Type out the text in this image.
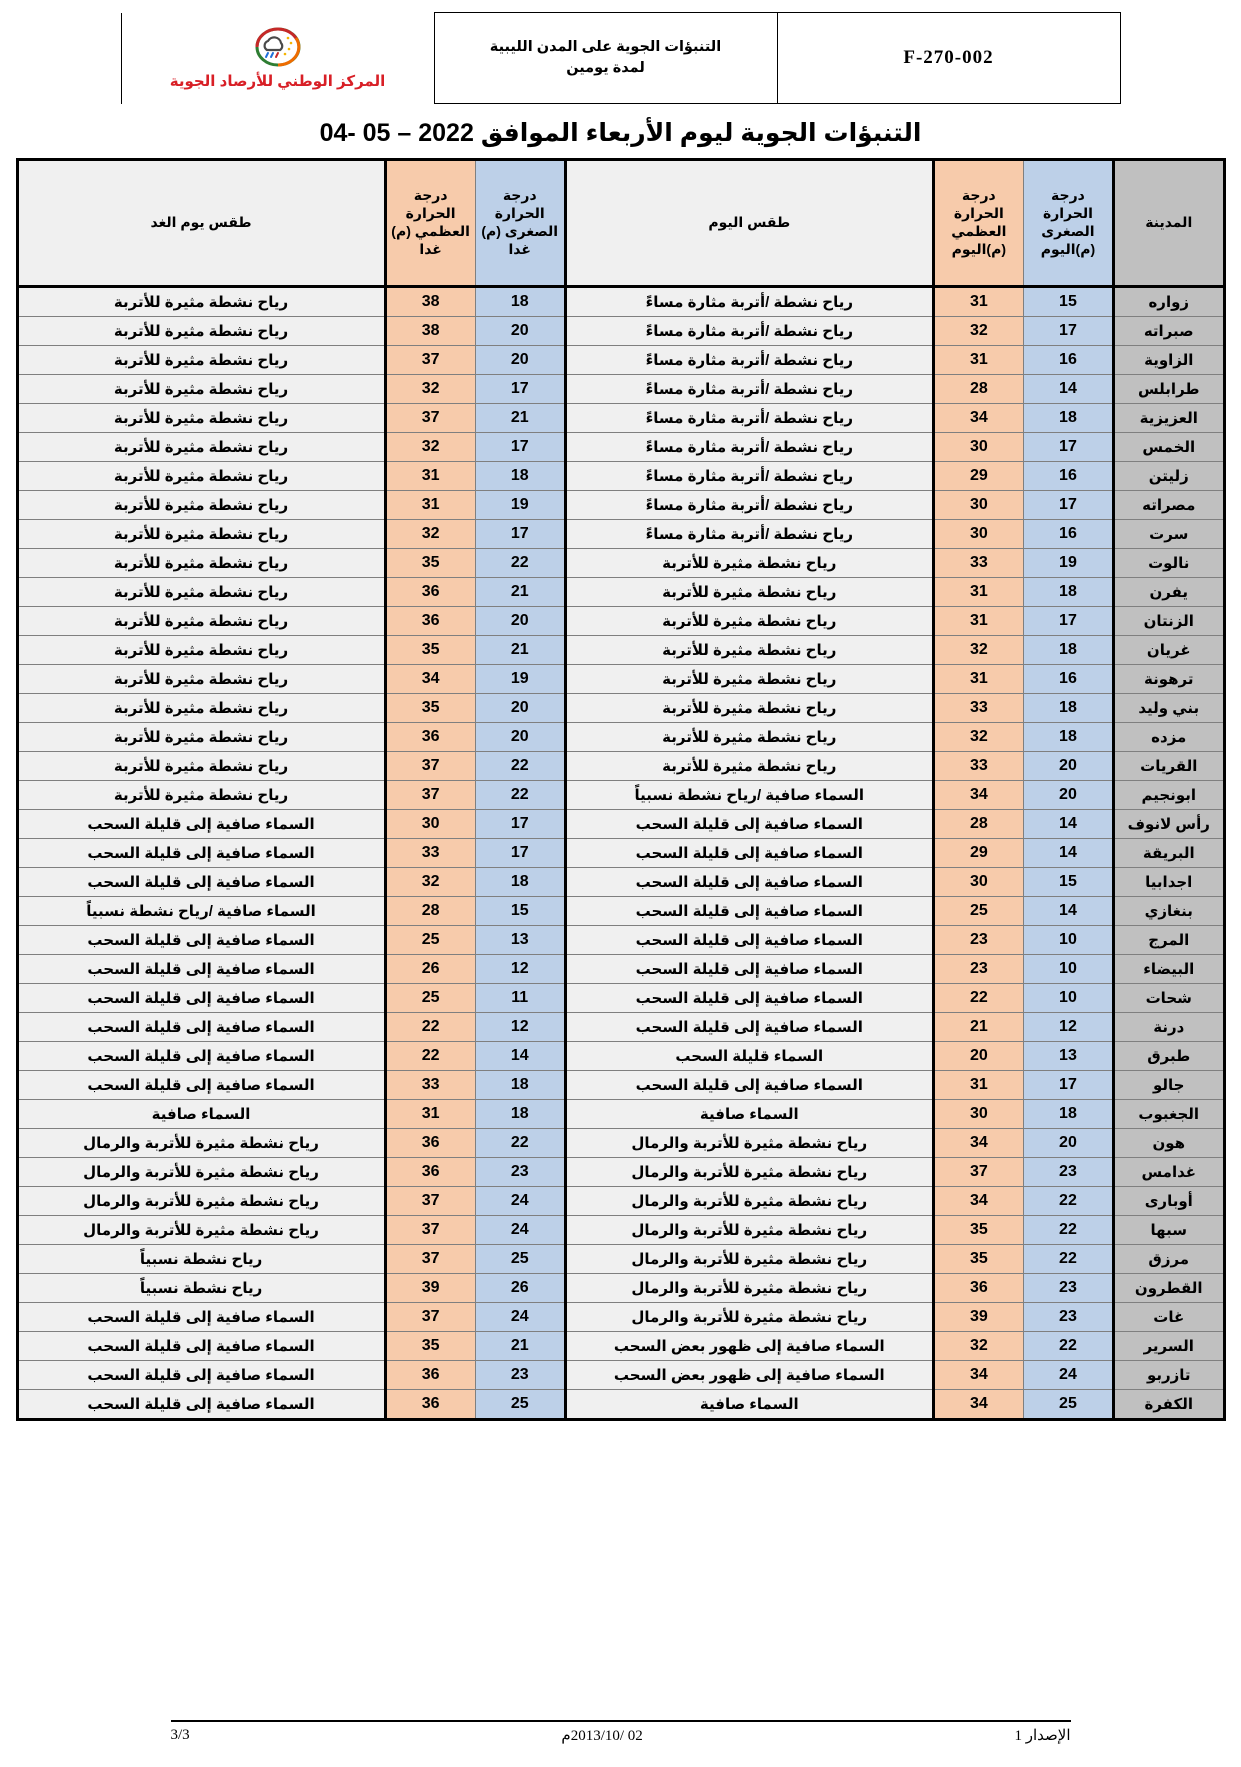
F-270-002

التنبؤات الجوية على المدن الليبية
لمدة يومين

المركز الوطني للأرصاد الجوية
التنبؤات الجوية ليوم الأربعاء الموافق 04- 05 – 2022
المدينة	درجة الحرارة الصغرى (م)اليوم	درجة الحرارة العظمي (م)اليوم	طقس اليوم	درجة الحرارة الصغرى (م) غدا	درجة الحرارة العظمي (م) غدا	طقس يوم الغد
زواره	15	31	رياح نشطة /أتربة مثارة مساءً	18	38	رياح نشطة مثيرة للأتربة
صبراته	17	32	رياح نشطة /أتربة مثارة مساءً	20	38	رياح نشطة مثيرة للأتربة
الزاوية	16	31	رياح نشطة /أتربة مثارة مساءً	20	37	رياح نشطة مثيرة للأتربة
طرابلس	14	28	رياح نشطة /أتربة مثارة مساءً	17	32	رياح نشطة مثيرة للأتربة
العزيزية	18	34	رياح نشطة /أتربة مثارة مساءً	21	37	رياح نشطة مثيرة للأتربة
الخمس	17	30	رياح نشطة /أتربة مثارة مساءً	17	32	رياح نشطة مثيرة للأتربة
زليتن	16	29	رياح نشطة /أتربة مثارة مساءً	18	31	رياح نشطة مثيرة للأتربة
مصراته	17	30	رياح نشطة /أتربة مثارة مساءً	19	31	رياح نشطة مثيرة للأتربة
سرت	16	30	رياح نشطة /أتربة مثارة مساءً	17	32	رياح نشطة مثيرة للأتربة
نالوت	19	33	رياح نشطة مثيرة للأتربة	22	35	رياح نشطة مثيرة للأتربة
يفرن	18	31	رياح نشطة مثيرة للأتربة	21	36	رياح نشطة مثيرة للأتربة
الزنتان	17	31	رياح نشطة مثيرة للأتربة	20	36	رياح نشطة مثيرة للأتربة
غريان	18	32	رياح نشطة مثيرة للأتربة	21	35	رياح نشطة مثيرة للأتربة
ترهونة	16	31	رياح نشطة مثيرة للأتربة	19	34	رياح نشطة مثيرة للأتربة
بني وليد	18	33	رياح نشطة مثيرة للأتربة	20	35	رياح نشطة مثيرة للأتربة
مزده	18	32	رياح نشطة مثيرة للأتربة	20	36	رياح نشطة مثيرة للأتربة
القريات	20	33	رياح نشطة مثيرة للأتربة	22	37	رياح نشطة مثيرة للأتربة
ابونجيم	20	34	السماء صافية /رياح نشطة نسبياً	22	37	رياح نشطة مثيرة للأتربة
رأس لانوف	14	28	السماء صافية إلى قليلة السحب	17	30	السماء صافية إلى قليلة السحب
البريقة	14	29	السماء صافية إلى قليلة السحب	17	33	السماء صافية إلى قليلة السحب
اجدابيا	15	30	السماء صافية إلى قليلة السحب	18	32	السماء صافية إلى قليلة السحب
بنغازي	14	25	السماء صافية إلى قليلة السحب	15	28	السماء صافية /رياح نشطة نسبياً
المرج	10	23	السماء صافية إلى قليلة السحب	13	25	السماء صافية إلى قليلة السحب
البيضاء	10	23	السماء صافية إلى قليلة السحب	12	26	السماء صافية إلى قليلة السحب
شحات	10	22	السماء صافية إلى قليلة السحب	11	25	السماء صافية إلى قليلة السحب
درنة	12	21	السماء صافية إلى قليلة السحب	12	22	السماء صافية إلى قليلة السحب
طبرق	13	20	السماء قليلة السحب	14	22	السماء صافية إلى قليلة السحب
جالو	17	31	السماء صافية إلى قليلة السحب	18	33	السماء صافية إلى قليلة السحب
الجغبوب	18	30	السماء صافية	18	31	السماء صافية
هون	20	34	رياح نشطة مثيرة للأتربة والرمال	22	36	رياح نشطة مثيرة للأتربة والرمال
غدامس	23	37	رياح نشطة مثيرة للأتربة والرمال	23	36	رياح نشطة مثيرة للأتربة والرمال
أوبارى	22	34	رياح نشطة مثيرة للأتربة والرمال	24	37	رياح نشطة مثيرة للأتربة والرمال
سبها	22	35	رياح نشطة مثيرة للأتربة والرمال	24	37	رياح نشطة مثيرة للأتربة والرمال
مرزق	22	35	رياح نشطة مثيرة للأتربة والرمال	25	37	رياح نشطة نسبياً
القطرون	23	36	رياح نشطة مثيرة للأتربة والرمال	26	39	رياح نشطة نسبياً
غات	23	39	رياح نشطة مثيرة للأتربة والرمال	24	37	السماء صافية إلى قليلة السحب
السرير	22	32	السماء صافية إلى ظهور بعض السحب	21	35	السماء صافية إلى قليلة السحب
تازربو	24	34	السماء صافية إلى ظهور بعض السحب	23	36	السماء صافية إلى قليلة السحب
الكفرة	25	34	السماء صافية	25	36	السماء صافية إلى قليلة السحب
الإصدار 1
02 /2013/10م
3/3
